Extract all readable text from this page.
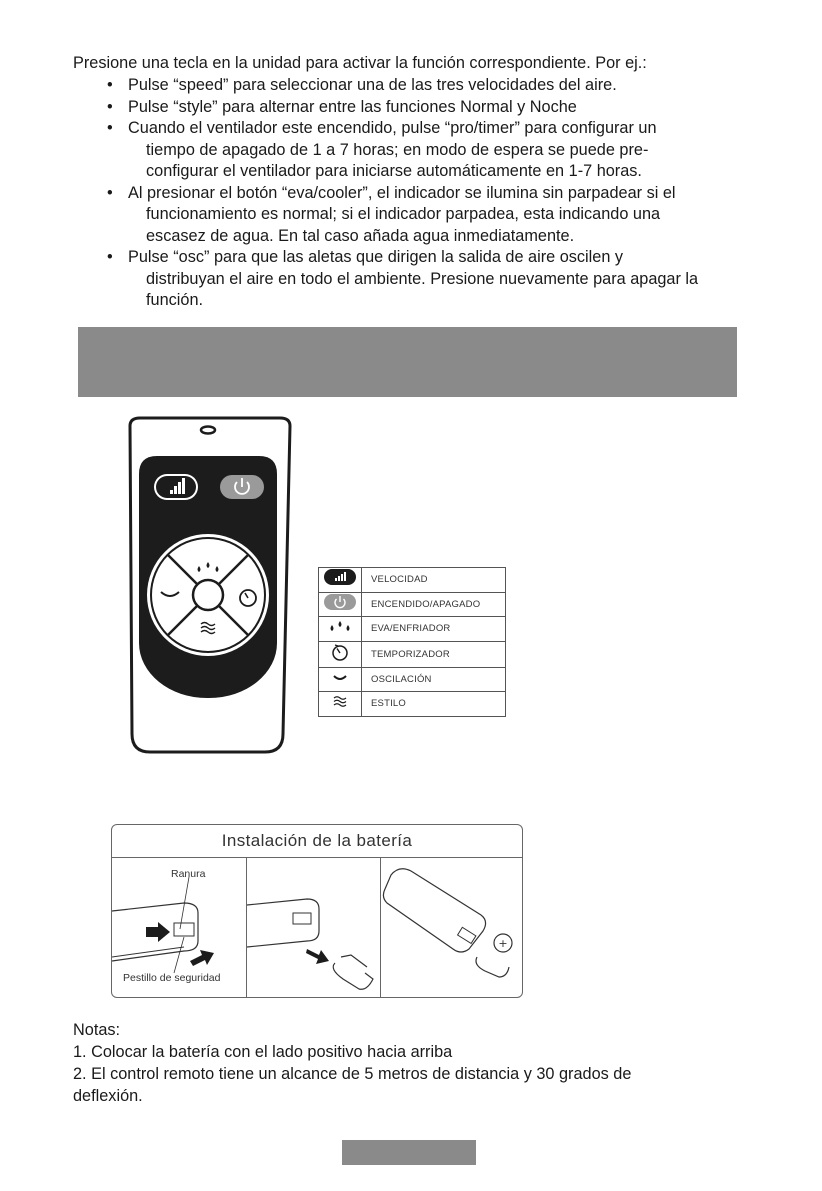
Presione una tecla en la unidad para activar la función correspondiente. Por ej.:
• Pulse “speed” para seleccionar una de las tres velocidades del aire.
• Pulse “style” para alternar entre las funciones Normal y Noche
• Cuando el ventilador este encendido, pulse “pro/timer” para configurar un
tiempo de apagado de 1 a 7 horas; en modo de espera se puede pre-
configurar el ventilador para iniciarse automáticamente en 1-7 horas.
• Al presionar el botón “eva/cooler”, el indicador se ilumina sin parpadear si el
funcionamiento es normal; si el indicador parpadea, esta indicando una
escasez de agua. En tal caso añada agua inmediatamente.
• Pulse “osc” para que las aletas que dirigen la salida de aire oscilen y
distribuyan el aire en todo el ambiente. Presione nuevamente para apagar la
función.
	VELOCIDAD
	ENCENDIDO/APAGADO
	EVA/ENFRIADOR
	TEMPORIZADOR
	OSCILACIÓN
	ESTILO
Instalación de la batería
Ranura
Pestillo de seguridad
+
Notas:
1. Colocar la batería con el lado positivo hacia arriba
2. El control remoto tiene un alcance de 5 metros de distancia y 30 grados de
deflexión.
